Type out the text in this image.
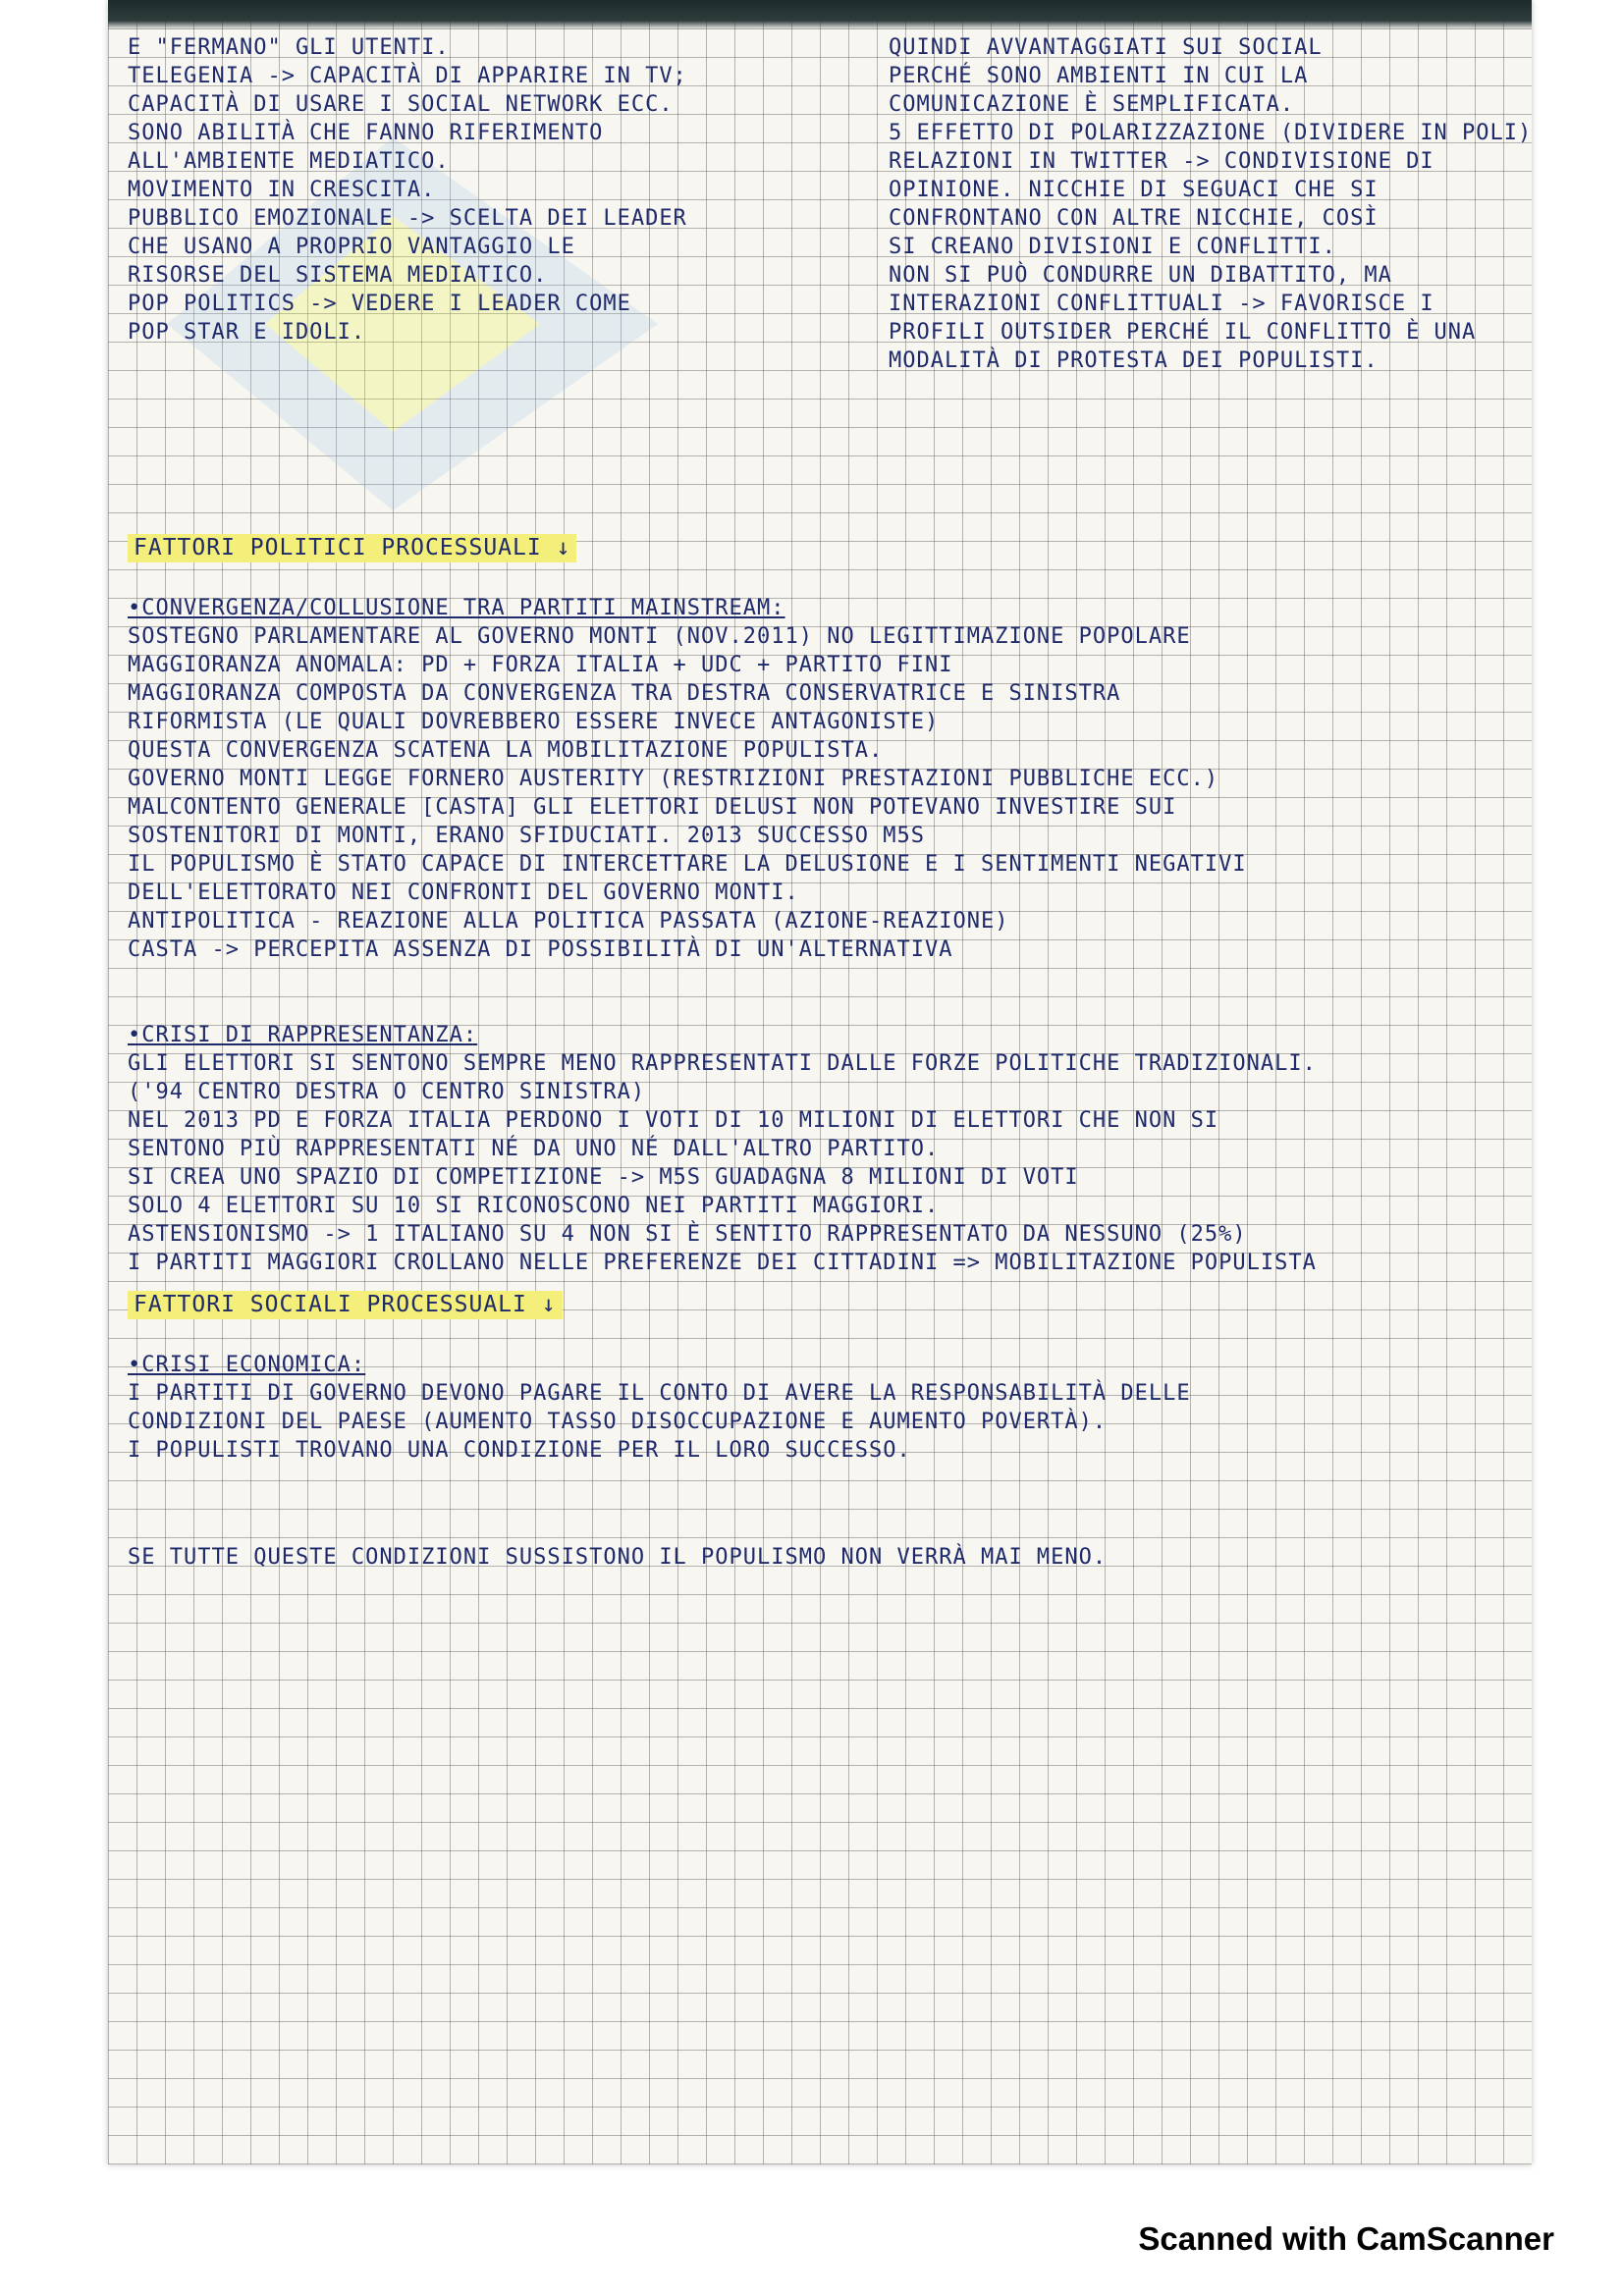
E "FERMANO" GLI UTENTI.
TELEGENIA -> CAPACITÀ DI APPARIRE IN TV;
CAPACITÀ DI USARE I SOCIAL NETWORK ECC.
SONO ABILITÀ CHE FANNO RIFERIMENTO
ALL'AMBIENTE MEDIATICO.
MOVIMENTO IN CRESCITA.
PUBBLICO EMOZIONALE -> SCELTA DEI LEADER
CHE USANO A PROPRIO VANTAGGIO LE
RISORSE DEL SISTEMA MEDIATICO.
POP POLITICS -> VEDERE I LEADER COME
POP STAR E IDOLI.
QUINDI AVVANTAGGIATI SUI SOCIAL
PERCHÉ SONO AMBIENTI IN CUI LA
COMUNICAZIONE È SEMPLIFICATA.
5 EFFETTO DI POLARIZZAZIONE (DIVIDERE IN POLI)
RELAZIONI IN TWITTER -> CONDIVISIONE DI
OPINIONE. NICCHIE DI SEGUACI CHE SI
CONFRONTANO CON ALTRE NICCHIE, COSÌ
SI CREANO DIVISIONI E CONFLITTI.
NON SI PUÒ CONDURRE UN DIBATTITO, MA
INTERAZIONI CONFLITTUALI -> FAVORISCE I
PROFILI OUTSIDER PERCHÉ IL CONFLITTO È UNA
MODALITÀ DI PROTESTA DEI POPULISTI.
FATTORI POLITICI PROCESSUALI ↓
•CONVERGENZA/COLLUSIONE TRA PARTITI MAINSTREAM:
SOSTEGNO PARLAMENTARE AL GOVERNO MONTI (NOV.2011) NO LEGITTIMAZIONE POPOLARE
MAGGIORANZA ANOMALA: PD + FORZA ITALIA + UDC + PARTITO FINI
MAGGIORANZA COMPOSTA DA CONVERGENZA TRA DESTRA CONSERVATRICE E SINISTRA
RIFORMISTA (LE QUALI DOVREBBERO ESSERE INVECE ANTAGONISTE)
QUESTA CONVERGENZA SCATENA LA MOBILITAZIONE POPULISTA.
GOVERNO MONTI LEGGE FORNERO AUSTERITY (RESTRIZIONI PRESTAZIONI PUBBLICHE ECC.)
MALCONTENTO GENERALE [CASTA] GLI ELETTORI DELUSI NON POTEVANO INVESTIRE SUI
SOSTENITORI DI MONTI, ERANO SFIDUCIATI. 2013 SUCCESSO M5S
IL POPULISMO È STATO CAPACE DI INTERCETTARE LA DELUSIONE E I SENTIMENTI NEGATIVI
DELL'ELETTORATO NEI CONFRONTI DEL GOVERNO MONTI.
ANTIPOLITICA - REAZIONE ALLA POLITICA PASSATA (AZIONE-REAZIONE)
CASTA -> PERCEPITA ASSENZA DI POSSIBILITÀ DI UN'ALTERNATIVA
•CRISI DI RAPPRESENTANZA:
GLI ELETTORI SI SENTONO SEMPRE MENO RAPPRESENTATI DALLE FORZE POLITICHE TRADIZIONALI.
('94 CENTRO DESTRA O CENTRO SINISTRA)
NEL 2013 PD E FORZA ITALIA PERDONO I VOTI DI 10 MILIONI DI ELETTORI CHE NON SI
SENTONO PIÙ RAPPRESENTATI NÉ DA UNO NÉ DALL'ALTRO PARTITO.
SI CREA UNO SPAZIO DI COMPETIZIONE -> M5S GUADAGNA 8 MILIONI DI VOTI
SOLO 4 ELETTORI SU 10 SI RICONOSCONO NEI PARTITI MAGGIORI.
ASTENSIONISMO -> 1 ITALIANO SU 4 NON SI È SENTITO RAPPRESENTATO DA NESSUNO (25%)
I PARTITI MAGGIORI CROLLANO NELLE PREFERENZE DEI CITTADINI => MOBILITAZIONE POPULISTA
FATTORI SOCIALI PROCESSUALI ↓
•CRISI ECONOMICA:
I PARTITI DI GOVERNO DEVONO PAGARE IL CONTO DI AVERE LA RESPONSABILITÀ DELLE
CONDIZIONI DEL PAESE (AUMENTO TASSO DISOCCUPAZIONE E AUMENTO POVERTÀ).
I POPULISTI TROVANO UNA CONDIZIONE PER IL LORO SUCCESSO.
SE TUTTE QUESTE CONDIZIONI SUSSISTONO IL POPULISMO NON VERRÀ MAI MENO.
Scanned with CamScanner
